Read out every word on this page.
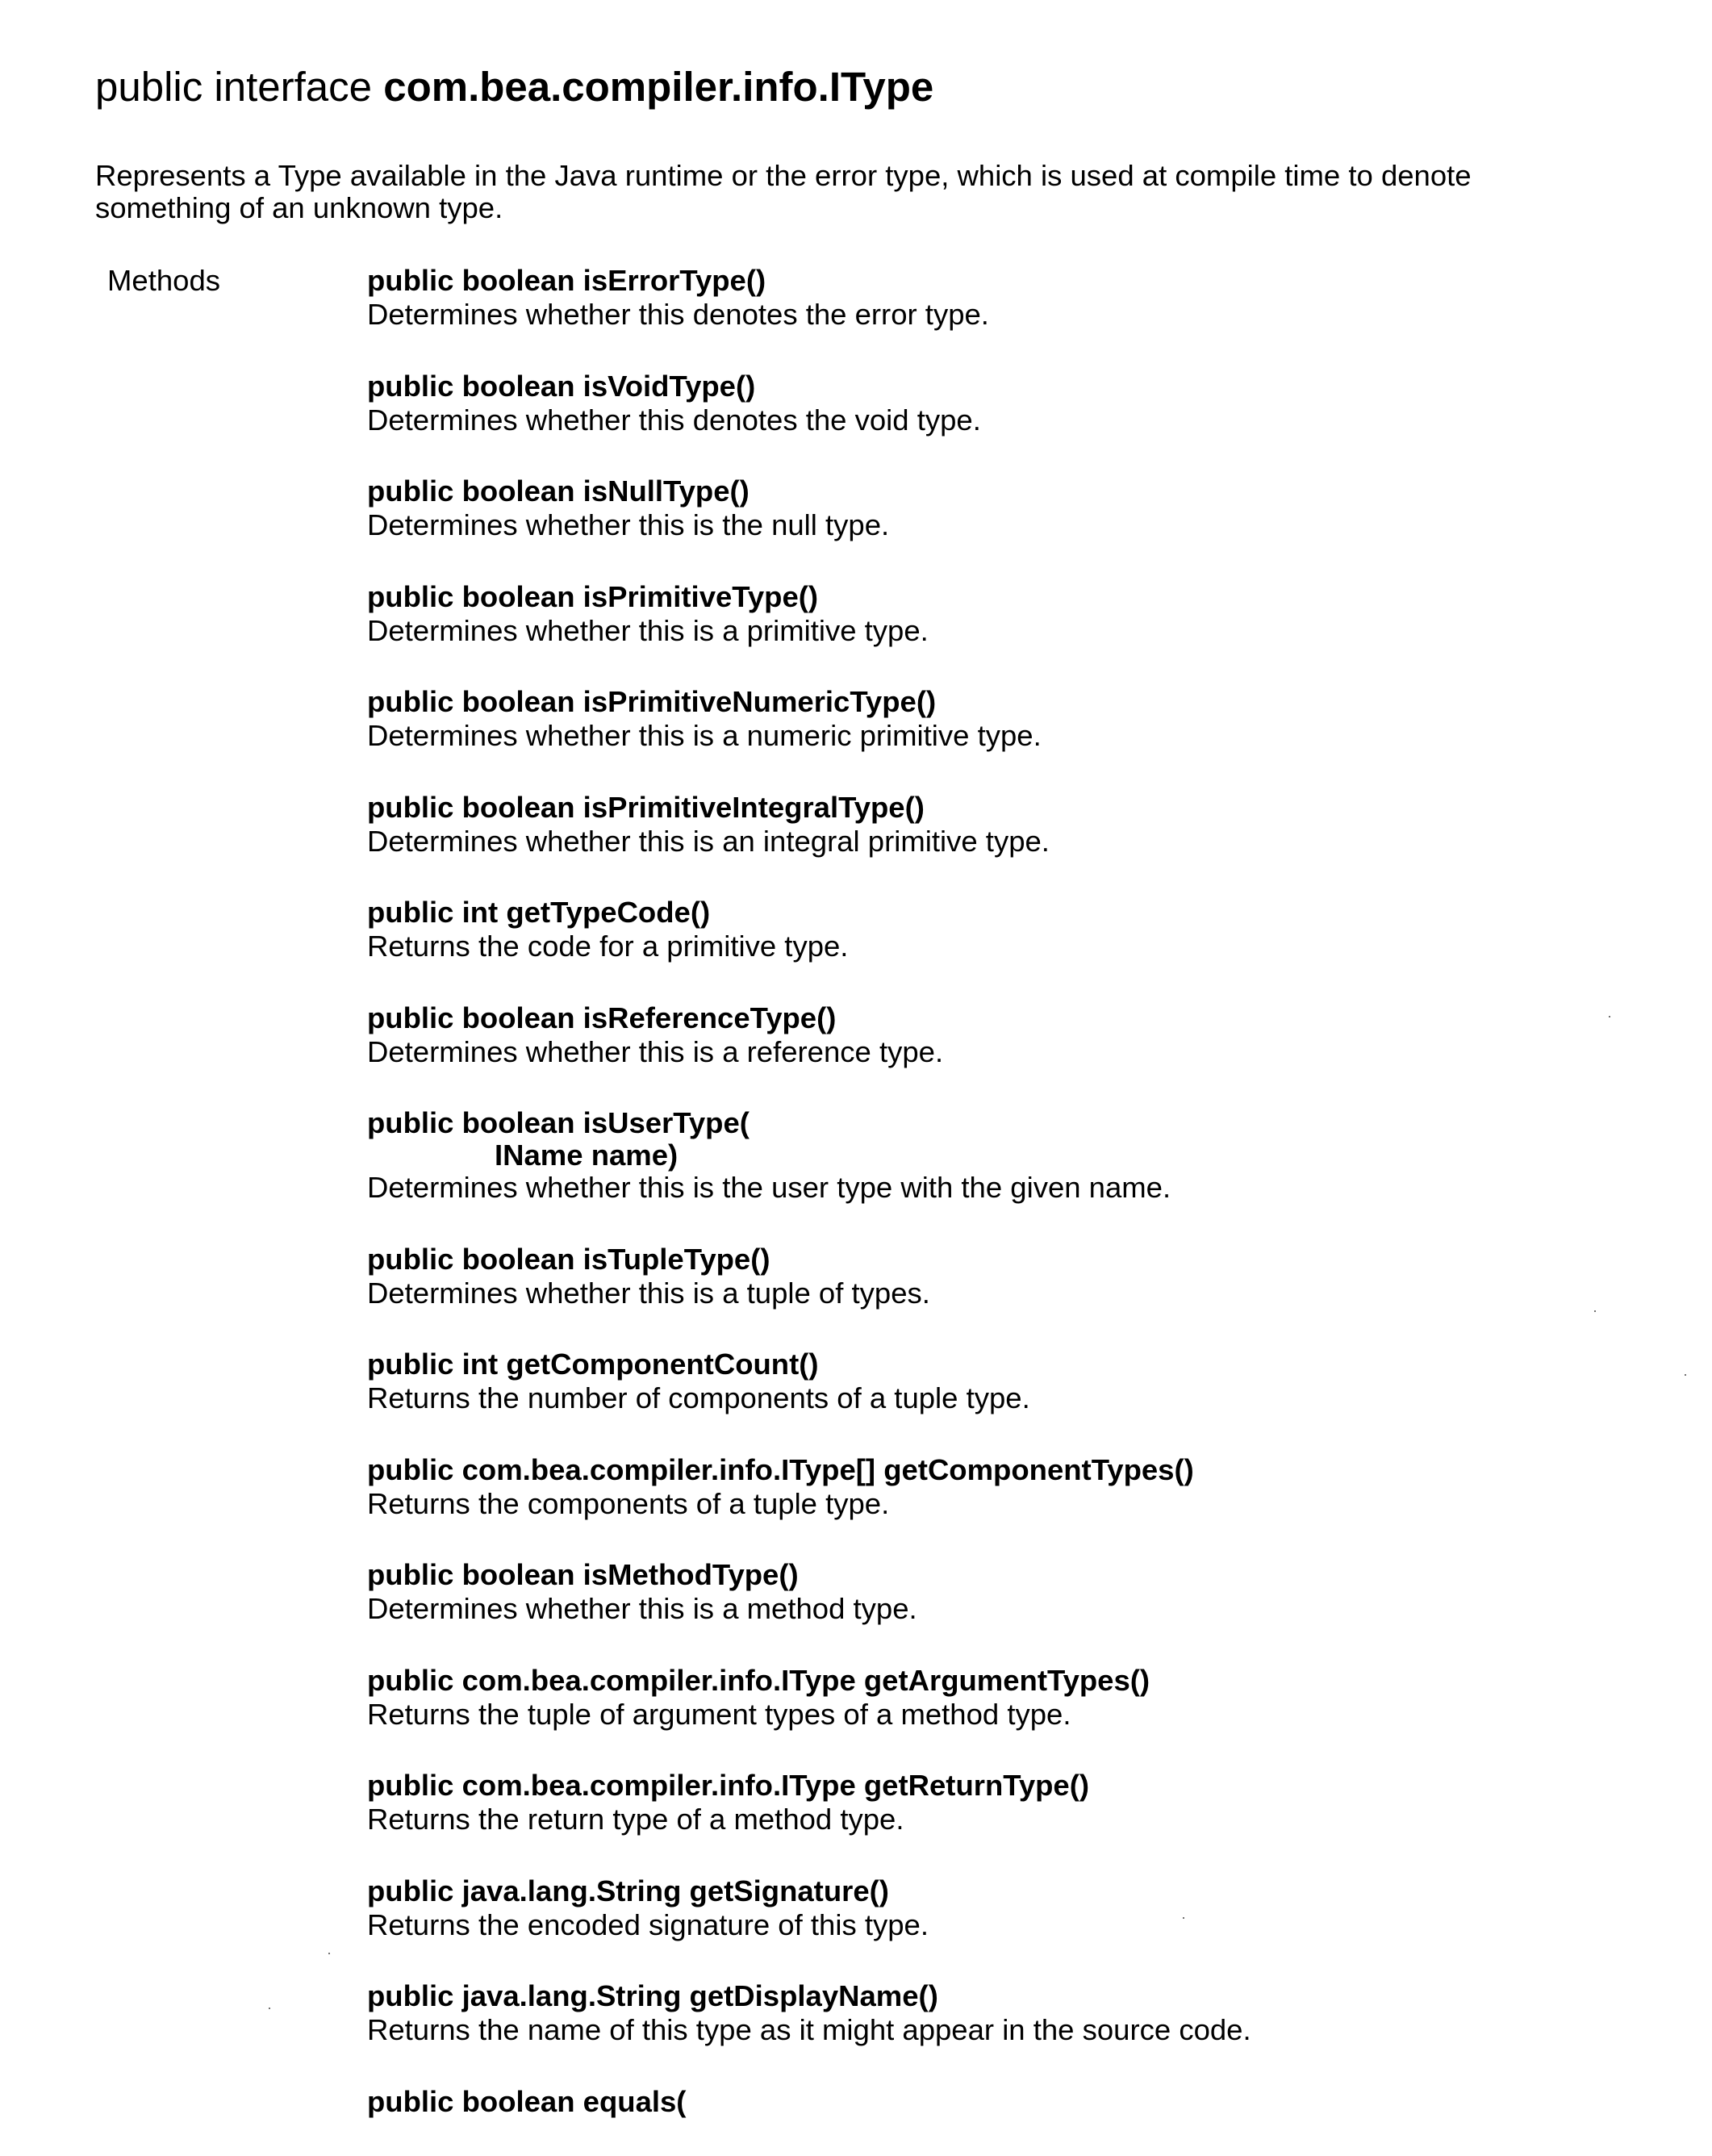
public interface com.bea.compiler.info.IType

Represents a Type available in the Java runtime or the error type, which is used at compile time to denote something of an unknown type.

Methods	public boolean isErrorType()
Determines whether this denotes the error type.
public boolean isVoidType()
Determines whether this denotes the void type.
public boolean isNullType()
Determines whether this is the null type.
public boolean isPrimitiveType()
Determines whether this is a primitive type.
public boolean isPrimitiveNumericType()
Determines whether this is a numeric primitive type.
public boolean isPrimitiveIntegralType()
Determines whether this is an integral primitive type.
public int getTypeCode()
Returns the code for a primitive type.
public boolean isReferenceType()
Determines whether this is a reference type.
public boolean isUserType(
IName name)
Determines whether this is the user type with the given name.
public boolean isTupleType()
Determines whether this is a tuple of types.
public int getComponentCount()
Returns the number of components of a tuple type.
public com.bea.compiler.info.IType[] getComponentTypes()
Returns the components of a tuple type.
public boolean isMethodType()
Determines whether this is a method type.
public com.bea.compiler.info.IType getArgumentTypes()
Returns the tuple of argument types of a method type.
public com.bea.compiler.info.IType getReturnType()
Returns the return type of a method type.
public java.lang.String getSignature()
Returns the encoded signature of this type.
public java.lang.String getDisplayName()
Returns the name of this type as it might appear in the source code.
public boolean equals(
